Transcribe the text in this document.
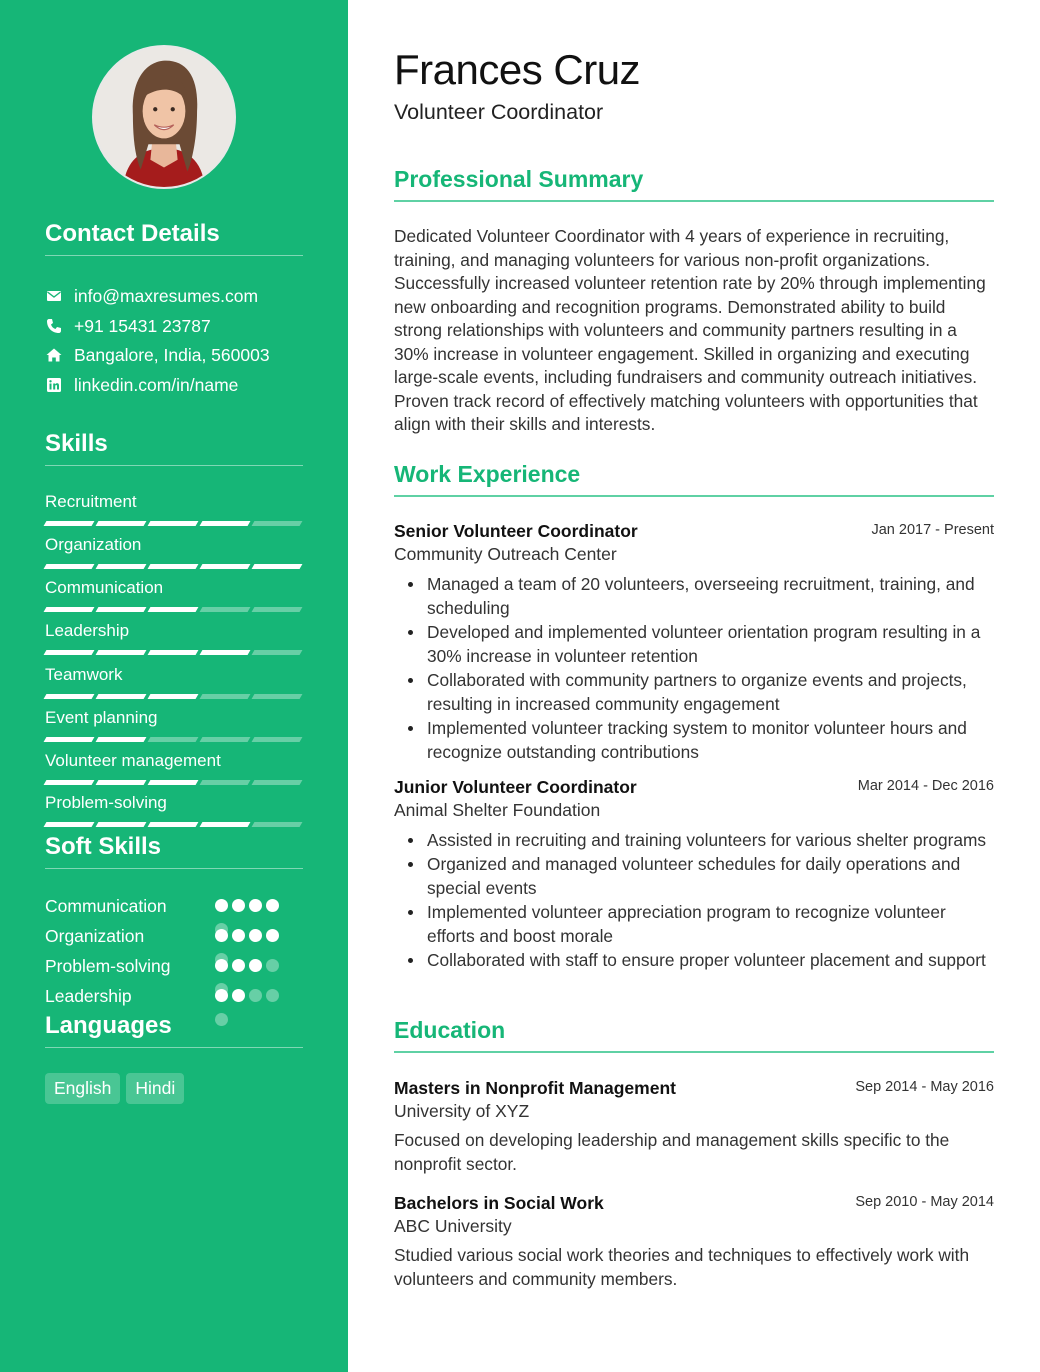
Contact Details
info@maxresumes.com
+91 15431 23787
Bangalore, India, 560003
linkedin.com/in/name
Skills
Recruitment
Organization
Communication
Leadership
Teamwork
Event planning
Volunteer management
Problem-solving
Soft Skills
Communication
Organization
Problem-solving
Leadership
Languages
English	Hindi
Frances Cruz
Volunteer Coordinator
Professional Summary

Dedicated Volunteer Coordinator with 4 years of experience in recruiting, training, and managing volunteers for various non-profit organizations. Successfully increased volunteer retention rate by 20% through implementing new onboarding and recognition programs. Demonstrated ability to build strong relationships with volunteers and community partners resulting in a 30% increase in volunteer engagement. Skilled in organizing and executing large-scale events, including fundraisers and community outreach initiatives. Proven track record of effectively matching volunteers with opportunities that align with their skills and interests.

Work Experience
Senior Volunteer Coordinator	Jan 2017 - Present
Community Outreach Center
Managed a team of 20 volunteers, overseeing recruitment, training, and scheduling
Developed and implemented volunteer orientation program resulting in a 30% increase in volunteer retention
Collaborated with community partners to organize events and projects, resulting in increased community engagement
Implemented volunteer tracking system to monitor volunteer hours and recognize outstanding contributions
Junior Volunteer Coordinator	Mar 2014 - Dec 2016
Animal Shelter Foundation
Assisted in recruiting and training volunteers for various shelter programs
Organized and managed volunteer schedules for daily operations and special events
Implemented volunteer appreciation program to recognize volunteer efforts and boost morale
Collaborated with staff to ensure proper volunteer placement and support
Education
Masters in Nonprofit Management	Sep 2014 - May 2016
University of XYZ

Focused on developing leadership and management skills specific to the nonprofit sector.

Bachelors in Social Work	Sep 2010 - May 2014
ABC University

Studied various social work theories and techniques to effectively work with volunteers and community members.
